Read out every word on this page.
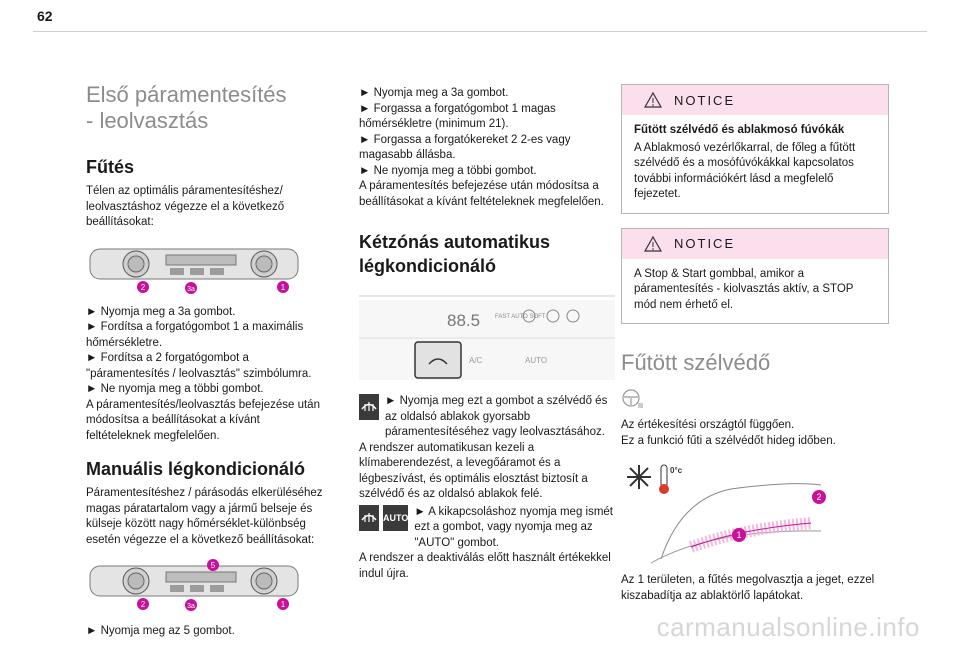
62
Első páramentesítés
- leolvasztás
Fűtés

Télen az optimális páramentesítéshez/ leolvasztáshoz végezze el a következő beállításokat:

2	3a	1

► Nyomja meg a 3a gombot.

► Fordítsa a forgatógombot 1 a maximális hőmérsékletre.

► Fordítsa a 2 forgatógombot a "páramentesítés / leolvasztás" szimbólumra.

► Ne nyomja meg a többi gombot.

A páramentesítés/leolvasztás befejezése után módosítsa a beállításokat a kívánt feltételeknek megfelelően.

Manuális légkondicionáló

Páramentesítéshez / párásodás elkerüléséhez magas páratartalom vagy a jármű belseje és külseje között nagy hőmérséklet-különbség esetén végezze el a következő beállításokat:

5
2	3a	1

► Nyomja meg az 5 gombot.

► Nyomja meg a 3a gombot.

► Forgassa a forgatógombot 1 magas hőmérsékletre (minimum 21).

► Forgassa a forgatókereket 2 2-es vagy magasabb állásba.

► Ne nyomja meg a többi gombot.

A páramentesítés befejezése után módosítsa a beállításokat a kívánt feltételeknek megfelelően.

Kétzónás automatikus légkondicionáló
88.5 FAST AUTO SOFT
A/C	AUTO

► Nyomja meg ezt a gombot a szélvédő és az oldalsó ablakok gyorsabb páramentesítéséhez vagy leolvasztásához.

A rendszer automatikusan kezeli a klímaberendezést, a levegőáramot és a légbeszívást, és optimális elosztást biztosít a szélvédő és az oldalsó ablakok felé.

AUTO ► A kikapcsoláshoz nyomja meg ismét ezt a gombot, vagy nyomja meg az "AUTO" gombot.

A rendszer a deaktiválás előtt használt értékekkel indul újra.

NOTICE

Fűtött szélvédő és ablakmosó fúvókák

A Ablakmosó vezérlőkarral, de főleg a fűtött szélvédő és a mosófúvókákkal kapcsolatos további információkért lásd a megfelelő fejezetet.

NOTICE

A Stop & Start gombbal, amikor a páramentesítés - kiolvasztás aktív, a STOP mód nem érhető el.

Fűtött szélvédő

Az értékesítési országtól függően.

Ez a funkció fűti a szélvédőt hideg időben.

0°c
1
2

Az 1 területen, a fűtés megolvasztja a jeget, ezzel kiszabadítja az ablaktörlő lapátokat.

carmanualsonline.info
